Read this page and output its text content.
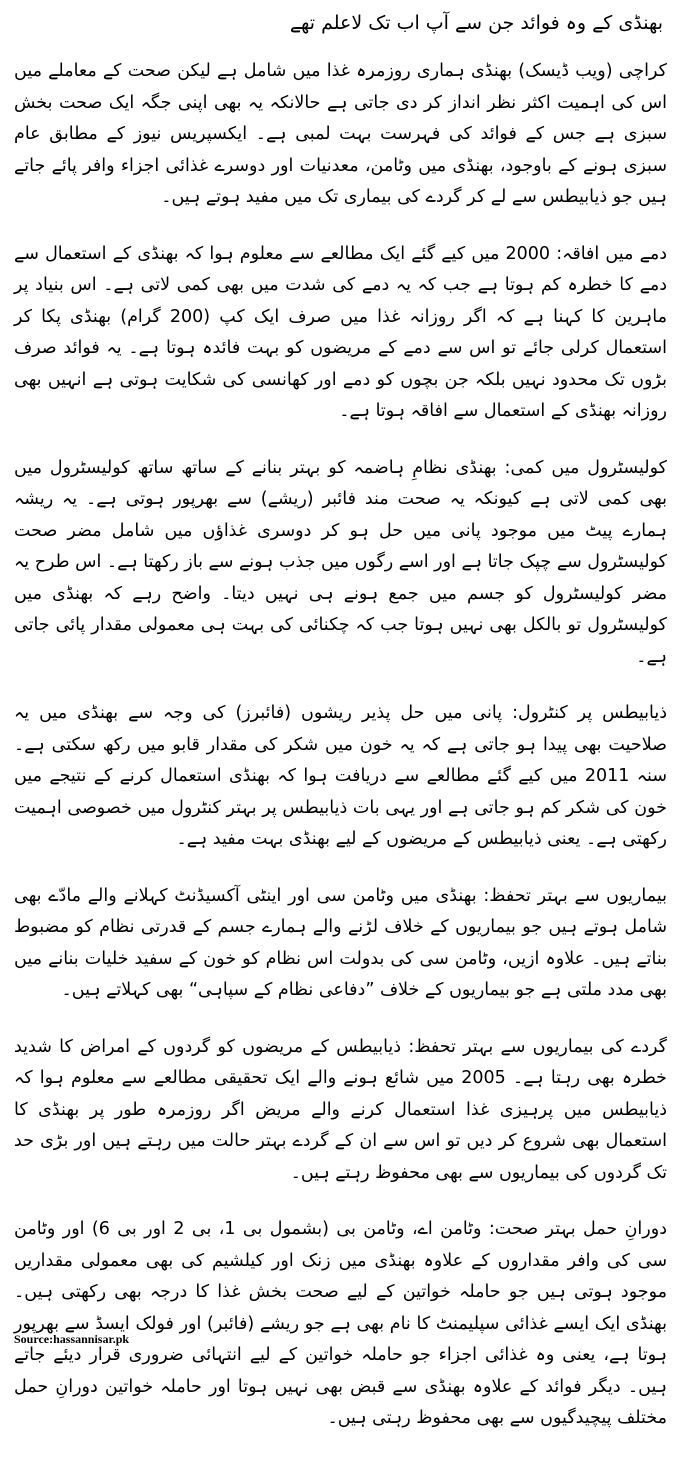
بھنڈی کے وہ فوائد جن سے آپ اب تک لاعلم تھے

کراچی (ویب ڈیسک) بھنڈی ہماری روزمرہ غذا میں شامل ہے لیکن صحت کے معاملے میں اس کی اہمیت اکثر نظر انداز کر دی جاتی ہے حالانکہ یہ بھی اپنی جگہ ایک صحت بخش سبزی ہے جس کے فوائد کی فہرست بہت لمبی ہے۔ ایکسپریس نیوز کے مطابق عام سبزی ہونے کے باوجود، بھنڈی میں وٹامن، معدنیات اور دوسرے غذائی اجزاء وافر پائے جاتے ہیں جو ذیابیطس سے لے کر گردے کی بیماری تک میں مفید ہوتے ہیں۔

دمے میں افاقہ: 2000 میں کیے گئے ایک مطالعے سے معلوم ہوا کہ بھنڈی کے استعمال سے دمے کا خطرہ کم ہوتا ہے جب کہ یہ دمے کی شدت میں بھی کمی لاتی ہے۔ اس بنیاد پر ماہرین کا کہنا ہے کہ اگر روزانہ غذا میں صرف ایک کپ (200 گرام) بھنڈی پکا کر استعمال کرلی جائے تو اس سے دمے کے مریضوں کو بہت فائدہ ہوتا ہے۔ یہ فوائد صرف بڑوں تک محدود نہیں بلکہ جن بچوں کو دمے اور کھانسی کی شکایت ہوتی ہے انہیں بھی روزانہ بھنڈی کے استعمال سے افاقہ ہوتا ہے۔

کولیسٹرول میں کمی: بھنڈی نظامِ ہاضمہ کو بہتر بنانے کے ساتھ ساتھ کولیسٹرول میں بھی کمی لاتی ہے کیونکہ یہ صحت مند فائبر (ریشے) سے بھرپور ہوتی ہے۔ یہ ریشہ ہمارے پیٹ میں موجود پانی میں حل ہو کر دوسری غذاؤں میں شامل مضر صحت کولیسٹرول سے چپک جاتا ہے اور اسے رگوں میں جذب ہونے سے باز رکھتا ہے۔ اس طرح یہ مضر کولیسٹرول کو جسم میں جمع ہونے ہی نہیں دیتا۔ واضح رہے کہ بھنڈی میں کولیسٹرول تو بالکل بھی نہیں ہوتا جب کہ چکنائی کی بہت ہی معمولی مقدار پائی جاتی ہے۔

ذیابیطس پر کنٹرول: پانی میں حل پذیر ریشوں (فائبرز) کی وجہ سے بھنڈی میں یہ صلاحیت بھی پیدا ہو جاتی ہے کہ یہ خون میں شکر کی مقدار قابو میں رکھ سکتی ہے۔ سنہ 2011 میں کیے گئے مطالعے سے دریافت ہوا کہ بھنڈی استعمال کرنے کے نتیجے میں خون کی شکر کم ہو جاتی ہے اور یہی بات ذیابیطس پر بہتر کنٹرول میں خصوصی اہمیت رکھتی ہے۔ یعنی ذیابیطس کے مریضوں کے لیے بھنڈی بہت مفید ہے۔

بیماریوں سے بہتر تحفظ: بھنڈی میں وٹامن سی اور اینٹی آکسیڈنٹ کہلانے والے مادّے بھی شامل ہوتے ہیں جو بیماریوں کے خلاف لڑنے والے ہمارے جسم کے قدرتی نظام کو مضبوط بناتے ہیں۔ علاوہ ازیں، وٹامن سی کی بدولت اس نظام کو خون کے سفید خلیات بنانے میں بھی مدد ملتی ہے جو بیماریوں کے خلاف ”دفاعی نظام کے سپاہی“ بھی کہلاتے ہیں۔

گردے کی بیماریوں سے بہتر تحفظ: ذیابیطس کے مریضوں کو گردوں کے امراض کا شدید خطرہ بھی رہتا ہے۔ 2005 میں شائع ہونے والے ایک تحقیقی مطالعے سے معلوم ہوا کہ ذیابیطس میں پرہیزی غذا استعمال کرنے والے مریض اگر روزمرہ طور پر بھنڈی کا استعمال بھی شروع کر دیں تو اس سے ان کے گردے بہتر حالت میں رہتے ہیں اور بڑی حد تک گردوں کی بیماریوں سے بھی محفوظ رہتے ہیں۔

دورانِ حمل بہتر صحت: وٹامن اے، وٹامن بی (بشمول بی 1، بی 2 اور بی 6) اور وٹامن سی کی وافر مقداروں کے علاوہ بھنڈی میں زنک اور کیلشیم کی بھی معمولی مقداریں موجود ہوتی ہیں جو حاملہ خواتین کے لیے صحت بخش غذا کا درجہ بھی رکھتی ہیں۔ بھنڈی ایک ایسے غذائی سپلیمنٹ کا نام بھی ہے جو ریشے (فائبر) اور فولک ایسڈ سے بھرپور ہوتا ہے، یعنی وہ غذائی اجزاء جو حاملہ خواتین کے لیے انتہائی ضروری قرار دیئے جاتے ہیں۔ دیگر فوائد کے علاوہ بھنڈی سے قبض بھی نہیں ہوتا اور حاملہ خواتین دورانِ حمل مختلف پیچیدگیوں سے بھی محفوظ رہتی ہیں۔

Source:hassannisar.pk
